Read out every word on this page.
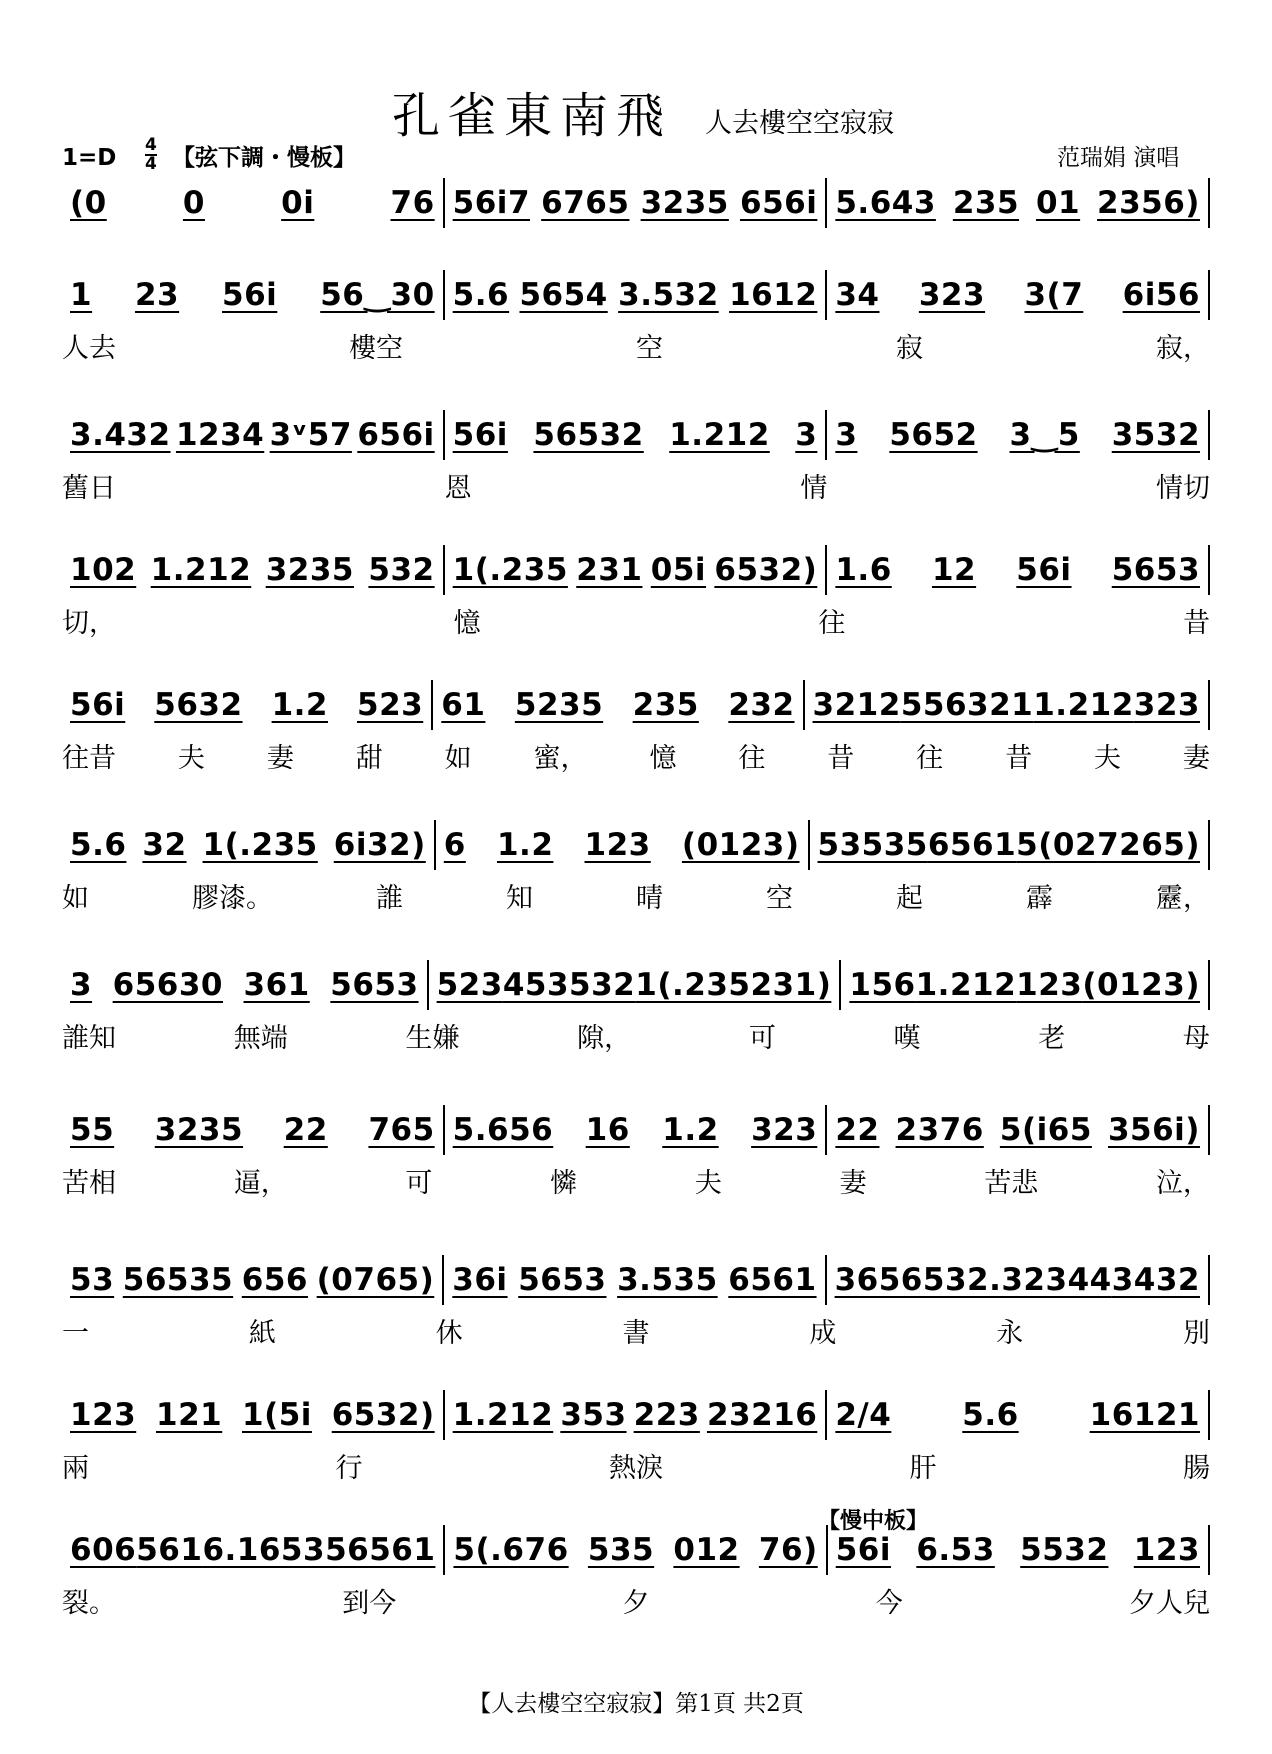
孔雀東南飛 人去樓空空寂寂
1=D 4
4 【弦下調・慢板】	范瑞娟 演唱
(0 0 0i 76 56i7 6765 3235 656i 5.643 235 01 2356)
1 23 56i 56‿30 5.6 5654 3.532 1612 34 323 3(7 6i56
人去	樓空	空	寂	寂，
3.432 1234 3ᵛ57 656i 56i 56532 1.212 3 3 5652 3‿5 3532
舊日	恩	情	情切
102 1.212 3235 532 1(.235 231 05i 6532) 1.6 12 56i 5653
切，	憶	往	昔
56i 5632 1.2 523 61 5235 235 232 3212 556321 1.212 323
往昔 夫 妻 甜 如 蜜， 憶 往 昔 往 昔 夫 妻
5.6 32 1(.235 6i32) 6 1.2 123 (0123) 53535 6561 5(02 7265)
如	膠漆。	誰	知	晴	空	起	霹	靂，
3 65630 361 5653 523 453532 1(.235 231) 156 1.212 123 (0123)
誰知	無端	生嫌	隙，	可	嘆	老	母
55 3235 22 765 5.656 16 1.2 323 22 2376 5(i65 356i)
苦相	逼，	可	憐	夫	妻	苦悲	泣，
53 56535 656 (0765) 36i 5653 3.535 6561 365653 2.32344 3432
一	紙	休	書	成	永	別
123 121 1(5i 6532) 1.212 353 223 23216 2/4 5.6 16121
兩	行	熱淚	肝	腸
606 561 6.165 356561 5(.676 535 012 76) 56i 6.53 5532 123
裂。	到今	夕	今	夕人兒
【慢中板】
【人去樓空空寂寂】第1頁 共2頁
